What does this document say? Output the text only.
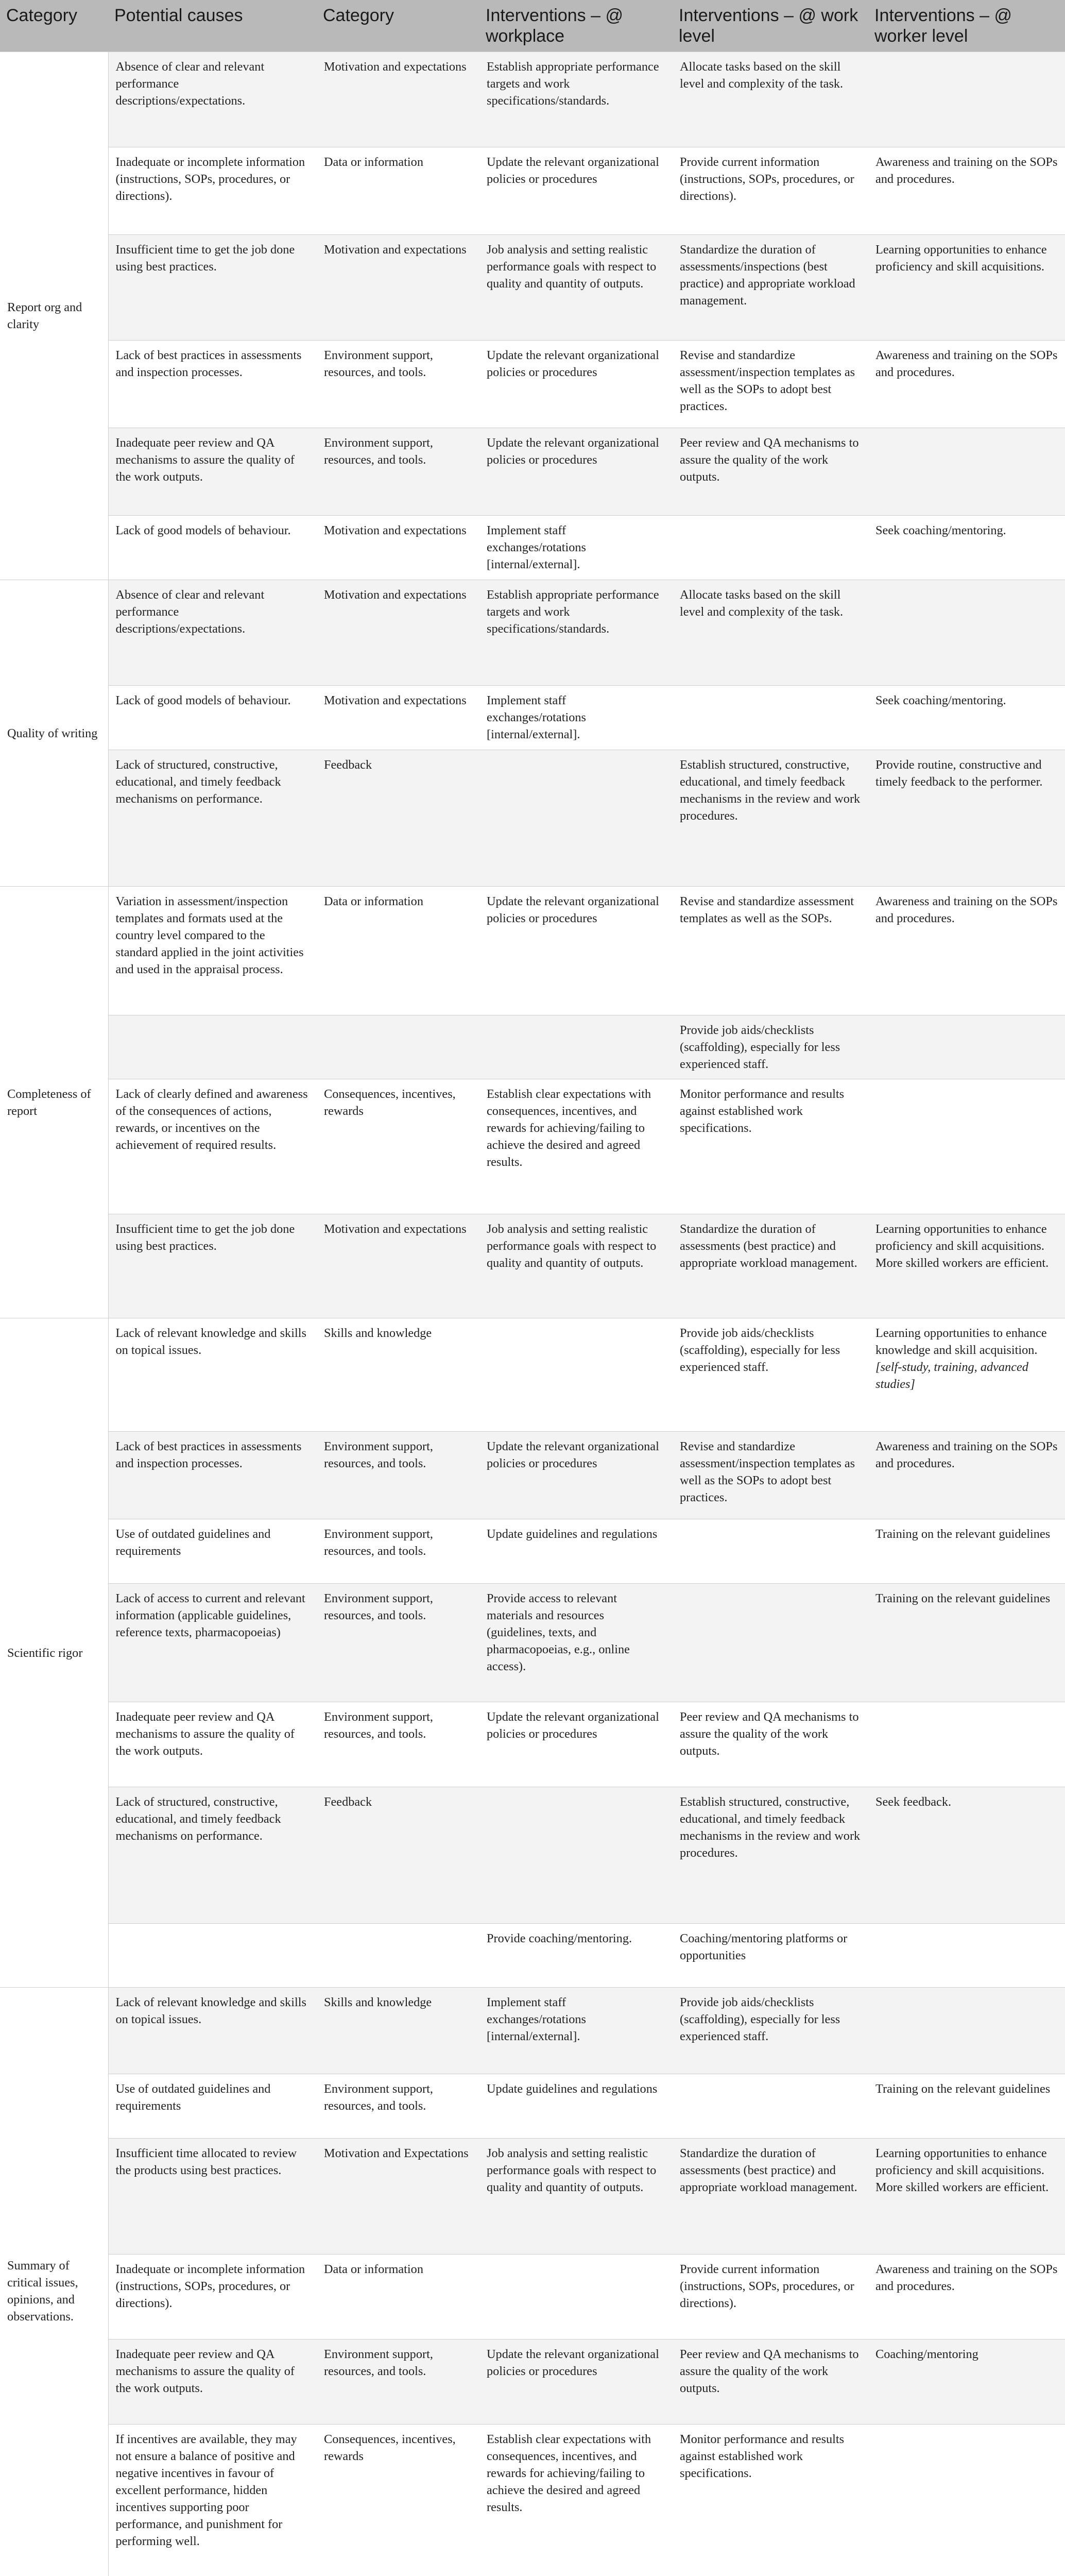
Category	Potential causes	Category	Interventions – @ workplace	Interventions – @ work level	Interventions – @ worker level
Report org and clarity	Absence of clear and relevant performance descriptions/expectations.	Motivation and expectations	Establish appropriate performance targets and work specifications/standards.	Allocate tasks based on the skill level and complexity of the task.	
	Inadequate or incomplete information (instructions, SOPs, procedures, or directions).	Data or information	Update the relevant organizational policies or procedures	Provide current information (instructions, SOPs, procedures, or directions).	Awareness and training on the SOPs and procedures.
	Insufficient time to get the job done using best practices.	Motivation and expectations	Job analysis and setting realistic performance goals with respect to quality and quantity of outputs.	Standardize the duration of assessments/inspections (best practice) and appropriate workload management.	Learning opportunities to enhance proficiency and skill acquisitions.
	Lack of best practices in assessments and inspection processes.	Environment support, resources, and tools.	Update the relevant organizational policies or procedures	Revise and standardize assessment/inspection templates as well as the SOPs to adopt best practices.	Awareness and training on the SOPs and procedures.
	Inadequate peer review and QA mechanisms to assure the quality of the work outputs.	Environment support, resources, and tools.	Update the relevant organizational policies or procedures	Peer review and QA mechanisms to assure the quality of the work outputs.	
	Lack of good models of behaviour.	Motivation and expectations	Implement staff exchanges/rotations [internal/external].		Seek coaching/mentoring.
Quality of writing	Absence of clear and relevant performance descriptions/expectations.	Motivation and expectations	Establish appropriate performance targets and work specifications/standards.	Allocate tasks based on the skill level and complexity of the task.	
	Lack of good models of behaviour.	Motivation and expectations	Implement staff exchanges/rotations [internal/external].		Seek coaching/mentoring.
	Lack of structured, constructive, educational, and timely feedback mechanisms on performance.	Feedback		Establish structured, constructive, educational, and timely feedback mechanisms in the review and work procedures.	Provide routine, constructive and timely feedback to the performer.
Completeness of report	Variation in assessment/inspection templates and formats used at the country level compared to the standard applied in the joint activities and used in the appraisal process.	Data or information	Update the relevant organizational policies or procedures	Revise and standardize assessment templates as well as the SOPs.	Awareness and training on the SOPs and procedures.
				Provide job aids/checklists (scaffolding), especially for less experienced staff.	
	Lack of clearly defined and awareness of the consequences of actions, rewards, or incentives on the achievement of required results.	Consequences, incentives, rewards	Establish clear expectations with consequences, incentives, and rewards for achieving/failing to achieve the desired and agreed results.	Monitor performance and results against established work specifications.	
	Insufficient time to get the job done using best practices.	Motivation and expectations	Job analysis and setting realistic performance goals with respect to quality and quantity of outputs.	Standardize the duration of assessments (best practice) and appropriate workload management.	Learning opportunities to enhance proficiency and skill acquisitions. More skilled workers are efficient.
Scientific rigor	Lack of relevant knowledge and skills on topical issues.	Skills and knowledge		Provide job aids/checklists (scaffolding), especially for less experienced staff.	Learning opportunities to enhance knowledge and skill acquisition. [self-study, training, advanced studies]
	Lack of best practices in assessments and inspection processes.	Environment support, resources, and tools.	Update the relevant organizational policies or procedures	Revise and standardize assessment/inspection templates as well as the SOPs to adopt best practices.	Awareness and training on the SOPs and procedures.
	Use of outdated guidelines and requirements	Environment support, resources, and tools.	Update guidelines and regulations		Training on the relevant guidelines
	Lack of access to current and relevant information (applicable guidelines, reference texts, pharmacopoeias)	Environment support, resources, and tools.	Provide access to relevant materials and resources (guidelines, texts, and pharmacopoeias, e.g., online access).		Training on the relevant guidelines
	Inadequate peer review and QA mechanisms to assure the quality of the work outputs.	Environment support, resources, and tools.	Update the relevant organizational policies or procedures	Peer review and QA mechanisms to assure the quality of the work outputs.	
	Lack of structured, constructive, educational, and timely feedback mechanisms on performance.	Feedback		Establish structured, constructive, educational, and timely feedback mechanisms in the review and work procedures.	Seek feedback.
			Provide coaching/mentoring.	Coaching/mentoring platforms or opportunities	
Summary of critical issues, opinions, and observations.	Lack of relevant knowledge and skills on topical issues.	Skills and knowledge	Implement staff exchanges/rotations [internal/external].	Provide job aids/checklists (scaffolding), especially for less experienced staff.	
	Use of outdated guidelines and requirements	Environment support, resources, and tools.	Update guidelines and regulations		Training on the relevant guidelines
	Insufficient time allocated to review the products using best practices.	Motivation and Expectations	Job analysis and setting realistic performance goals with respect to quality and quantity of outputs.	Standardize the duration of assessments (best practice) and appropriate workload management.	Learning opportunities to enhance proficiency and skill acquisitions. More skilled workers are efficient.
	Inadequate or incomplete information (instructions, SOPs, procedures, or directions).	Data or information		Provide current information (instructions, SOPs, procedures, or directions).	Awareness and training on the SOPs and procedures.
	Inadequate peer review and QA mechanisms to assure the quality of the work outputs.	Environment support, resources, and tools.	Update the relevant organizational policies or procedures	Peer review and QA mechanisms to assure the quality of the work outputs.	Coaching/mentoring
	If incentives are available, they may not ensure a balance of positive and negative incentives in favour of excellent performance, hidden incentives supporting poor performance, and punishment for performing well.	Consequences, incentives, rewards	Establish clear expectations with consequences, incentives, and rewards for achieving/failing to achieve the desired and agreed results.	Monitor performance and results against established work specifications.	
